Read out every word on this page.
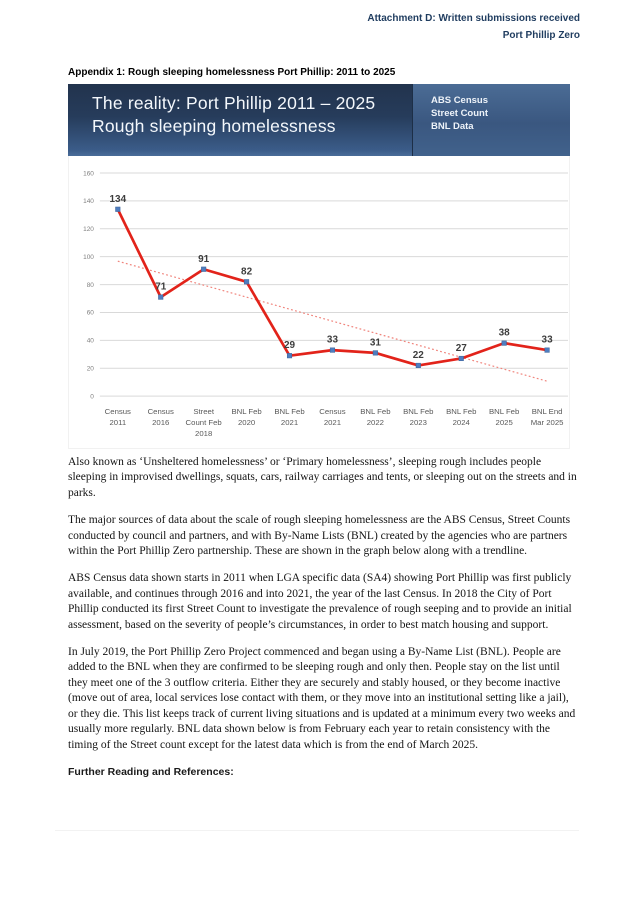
Attachment D: Written submissions received
Port Phillip Zero
Appendix 1: Rough sleeping homelessness Port Phillip: 2011 to 2025
The reality: Port Phillip 2011 – 2025
Rough sleeping homelessness
ABS Census
Street Count
BNL Data
0
20
40
60
80
100
120
140
160
134
71
91
82
29
33	31
22
27
38
33
Census
2011
Census
2016
Street
Count Feb
2018
BNL Feb
2020
BNL Feb
2021
Census
2021
BNL Feb
2022
BNL Feb
2023
BNL Feb
2024
BNL Feb
2025
BNL End
Mar 2025

Also known as ‘Unsheltered homelessness’ or ‘Primary homelessness’, sleeping rough includes people sleeping in improvised dwellings, squats, cars, railway carriages and tents, or sleeping out on the streets and in parks.

The major sources of data about the scale of rough sleeping homelessness are the ABS Census, Street Counts conducted by council and partners, and with By-Name Lists (BNL) created by the agencies who are partners within the Port Phillip Zero partnership. These are shown in the graph below along with a trendline.

ABS Census data shown starts in 2011 when LGA specific data (SA4) showing Port Phillip was first publicly available, and continues through 2016 and into 2021, the year of the last Census. In 2018 the City of Port Phillip conducted its first Street Count to investigate the prevalence of rough seeping and to provide an initial assessment, based on the severity of people’s circumstances, in order to best match housing and support.

In July 2019, the Port Phillip Zero Project commenced and began using a By-Name List (BNL). People are added to the BNL when they are confirmed to be sleeping rough and only then. People stay on the list until they meet one of the 3 outflow criteria. Either they are securely and stably housed, or they become inactive (move out of area, local services lose contact with them, or they move into an institutional setting like a jail), or they die. This list keeps track of current living situations and is updated at a minimum every two weeks and usually more regularly. BNL data shown below is from February each year to retain consistency with the timing of the Street count except for the latest data which is from the end of March 2025.

Further Reading and References:
